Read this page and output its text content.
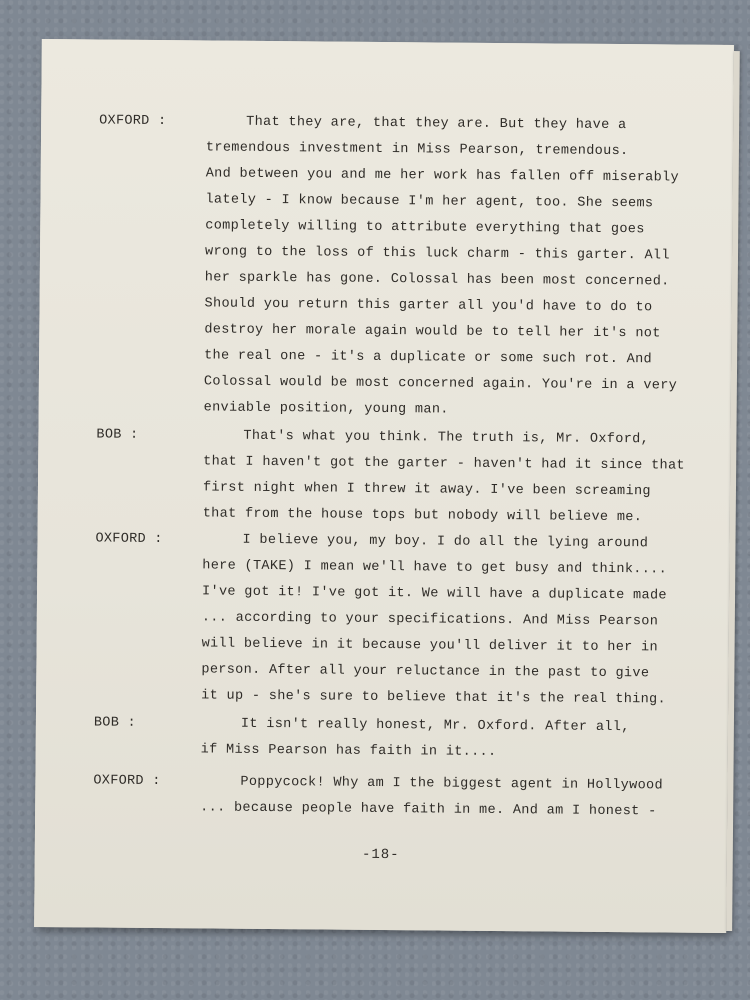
OXFORD :
BOB :
OXFORD :
BOB :
OXFORD :
That they are, that they are. But they have a
tremendous investment in Miss Pearson, tremendous.
And between you and me her work has fallen off miserably
lately - I know because I'm her agent, too. She seems
completely willing to attribute everything that goes
wrong to the loss of this luck charm - this garter. All
her sparkle has gone. Colossal has been most concerned.
Should you return this garter all you'd have to do to
destroy her morale again would be to tell her it's not
the real one - it's a duplicate or some such rot. And
Colossal would be most concerned again. You're in a very
enviable position, young man.
That's what you think. The truth is, Mr. Oxford,
that I haven't got the garter - haven't had it since that
first night when I threw it away. I've been screaming
that from the house tops but nobody will believe me.
I believe you, my boy. I do all the lying around
here (TAKE) I mean we'll have to get busy and think....
I've got it! I've got it. We will have a duplicate made
... according to your specifications. And Miss Pearson
will believe in it because you'll deliver it to her in
person. After all your reluctance in the past to give
it up - she's sure to believe that it's the real thing.
It isn't really honest, Mr. Oxford. After all,
if Miss Pearson has faith in it....
Poppycock! Why am I the biggest agent in Hollywood
... because people have faith in me. And am I honest -
-18-
